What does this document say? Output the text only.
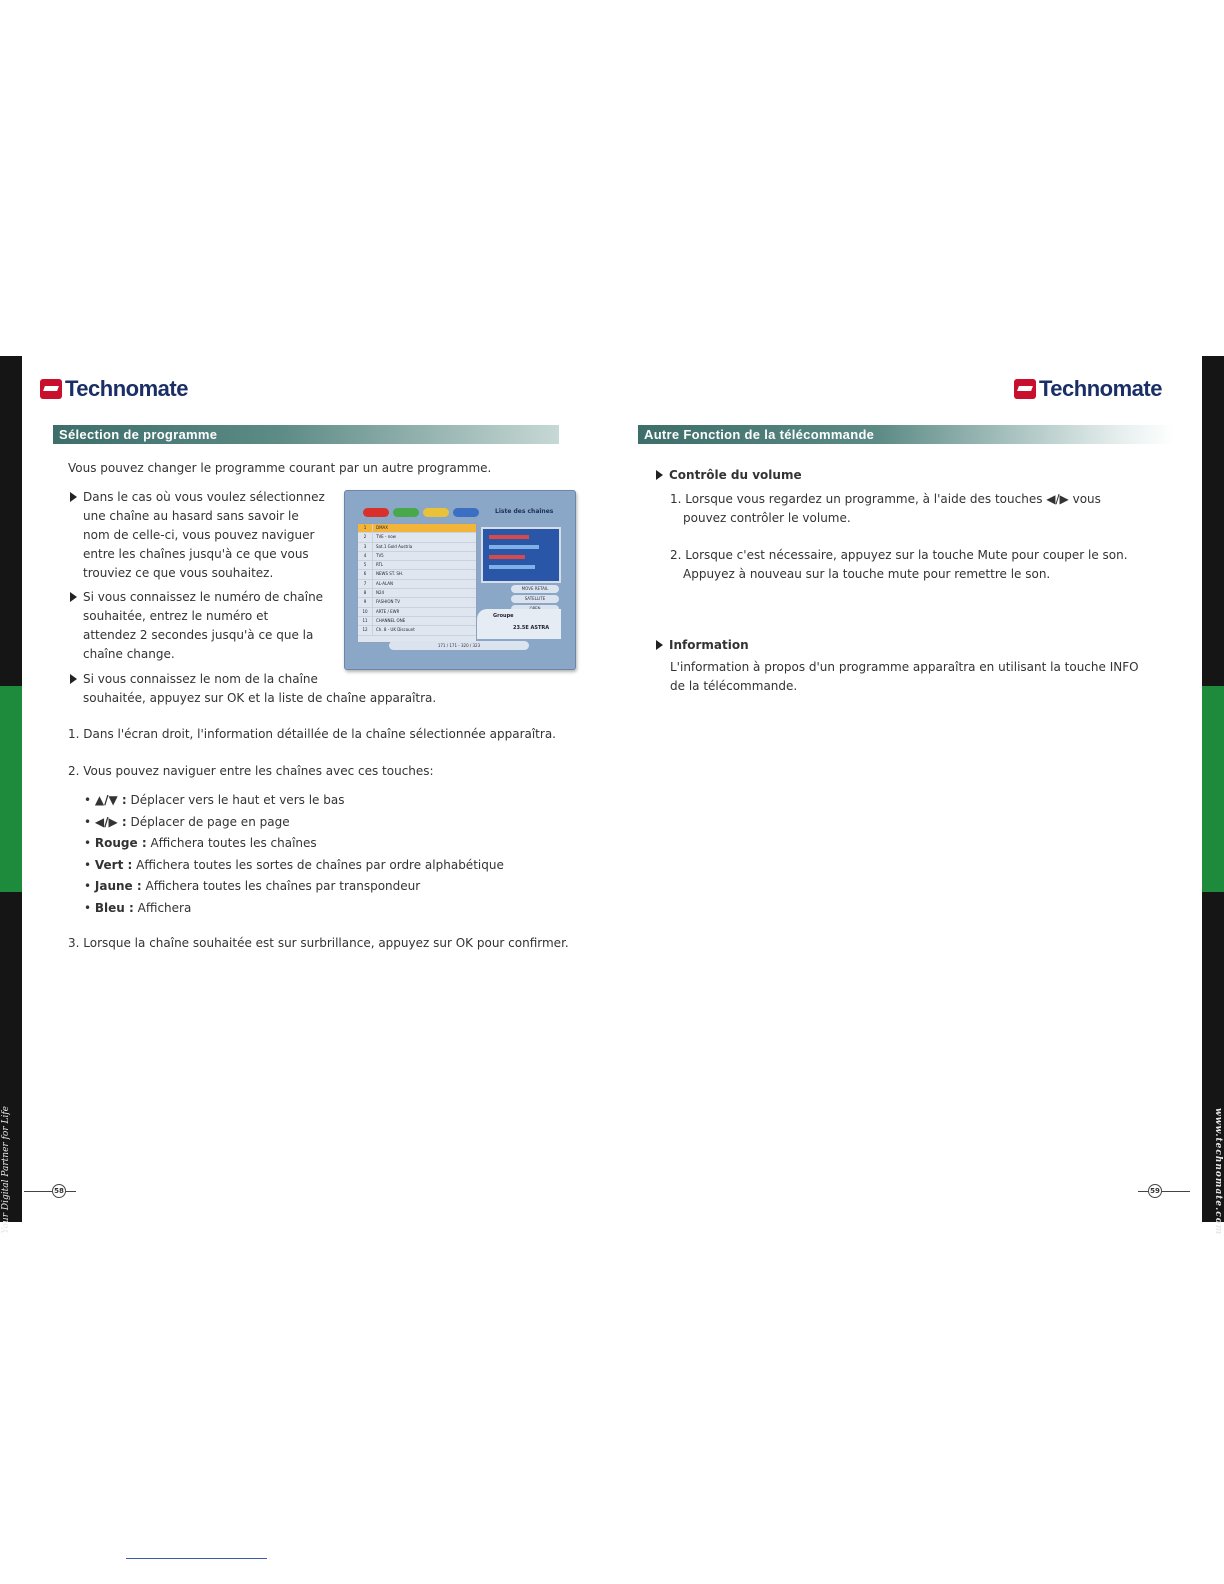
Your Digital Partner for Life	www.technomate.com
Technomate	Technomate
Sélection de programme	Autre Fonction de la télécommande

Vous pouvez changer le programme courant par un autre programme.

Dans le cas où vous voulez sélectionnez
une chaîne au hasard sans savoir le
nom de celle-ci, vous pouvez naviguer
entre les chaînes jusqu'à ce que vous
trouviez ce que vous souhaitez.
Si vous connaissez le numéro de chaîne
souhaitée, entrez le numéro et
attendez 2 secondes jusqu'à ce que la
chaîne change.
Si vous connaissez le nom de la chaîne
souhaitée, appuyez sur OK et la liste de chaîne apparaîtra.

1. Dans l'écran droit, l'information détaillée de la chaîne sélectionnée apparaîtra.

2. Vous pouvez naviguer entre les chaînes avec ces touches:

• ▲/▼ : Déplacer vers le haut et vers le bas
• ◀/▶ : Déplacer de page en page
• Rouge : Affichera toutes les chaînes
• Vert : Affichera toutes les sortes de chaînes par ordre alphabétique
• Jaune : Affichera toutes les chaînes par transpondeur
• Bleu : Affichera

3. Lorsque la chaîne souhaitée est sur surbrillance, appuyez sur OK pour confirmer.

Liste des chaînes
1	DMAX
2	TVE - now
3	Sat.1 Gold Austria
4	TV5
5	RTL
6	NEWS ST. SH.
7	AL-ALAN
8	N24
9	FASHION TV
10	ARTE / EWR
11	CHANNEL ONE
12	Ch. 8 - UK Discount
MOVE RETAIL
SATELLITE
Groupe
23.5E ASTRA
171 / 171 - 320 / 323
Contrôle du volume
1. Lorsque vous regardez un programme, à l'aide des touches ◀/▶ vous
pouvez contrôler le volume.
2. Lorsque c'est nécessaire, appuyez sur la touche Mute pour couper le son.
Appuyez à nouveau sur la touche mute pour remettre le son.
Information
L'information à propos d'un programme apparaîtra en utilisant la touche INFO
de la télécommande.
58	59
